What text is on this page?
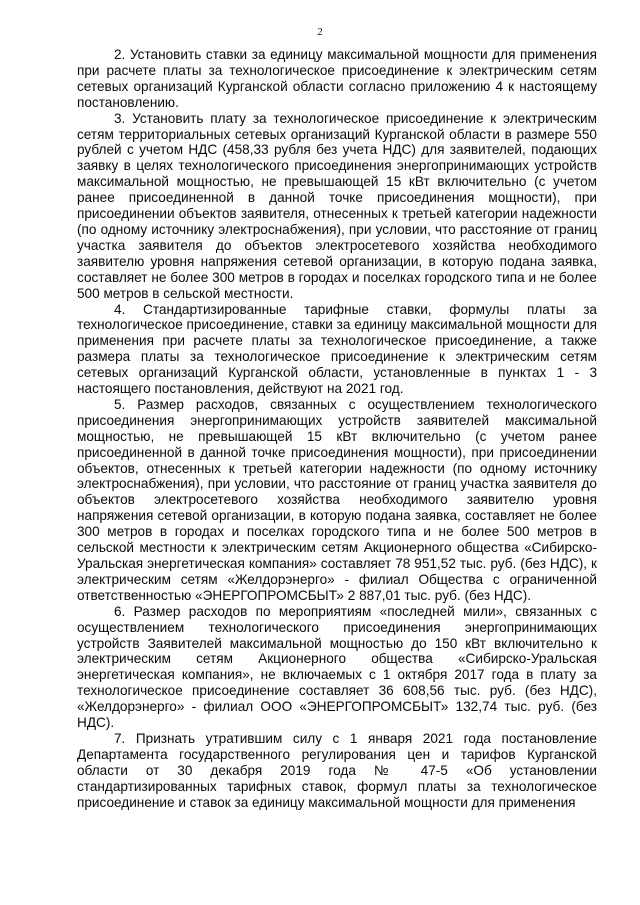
2

2. Установить ставки за единицу максимальной мощности для применения при расчете платы за технологическое присоединение к электрическим сетям сетевых организаций Курганской области согласно приложению 4 к настоящему постановлению.

3. Установить плату за технологическое присоединение к электрическим сетям территориальных сетевых организаций Курганской области в размере 550 рублей с учетом НДС (458,33 рубля без учета НДС) для заявителей, подающих заявку в целях технологического присоединения энергопринимающих устройств максимальной мощностью, не превышающей 15 кВт включительно (с учетом ранее присоединенной в данной точке присоединения мощности), при присоединении объектов заявителя, отнесенных к третьей категории надежности (по одному источнику электроснабжения), при условии, что расстояние от границ участка заявителя до объектов электросетевого хозяйства необходимого заявителю уровня напряжения сетевой организации, в которую подана заявка, составляет не более 300 метров в городах и поселках городского типа и не более 500 метров в сельской местности.

4. Стандартизированные тарифные ставки, формулы платы за технологическое присоединение, ставки за единицу максимальной мощности для применения при расчете платы за технологическое присоединение, а также размера платы за технологическое присоединение к электрическим сетям сетевых организаций Курганской области, установленные в пунктах 1 - 3 настоящего постановления, действуют на 2021 год.

5. Размер расходов, связанных с осуществлением технологического присоединения энергопринимающих устройств заявителей максимальной мощностью, не превышающей 15 кВт включительно (с учетом ранее присоединенной в данной точке присоединения мощности), при присоединении объектов, отнесенных к третьей категории надежности (по одному источнику электроснабжения), при условии, что расстояние от границ участка заявителя до объектов электросетевого хозяйства необходимого заявителю уровня напряжения сетевой организации, в которую подана заявка, составляет не более 300 метров в городах и поселках городского типа и не более 500 метров в сельской местности к электрическим сетям Акционерного общества «Сибирско-Уральская энергетическая компания» составляет 78 951,52 тыс. руб. (без НДС), к электрическим сетям «Желдорэнерго» - филиал Общества с ограниченной ответственностью «ЭНЕРГОПРОМСБЫТ» 2 887,01 тыс. руб. (без НДС).

6. Размер расходов по мероприятиям «последней мили», связанных с осуществлением технологического присоединения энергопринимающих устройств Заявителей максимальной мощностью до 150 кВт включительно к электрическим сетям Акционерного общества «Сибирско-Уральская энергетическая компания», не включаемых с 1 октября 2017 года в плату за технологическое присоединение составляет 36 608,56 тыс. руб. (без НДС), «Желдорэнерго» - филиал ООО «ЭНЕРГОПРОМСБЫТ» 132,74 тыс. руб. (без НДС).

7. Признать утратившим силу с 1 января 2021 года постановление Департамента государственного регулирования цен и тарифов Курганской области от 30 декабря 2019 года № 47-5 «Об установлении стандартизированных тарифных ставок, формул платы за технологическое присоединение и ставок за единицу максимальной мощности для применения
